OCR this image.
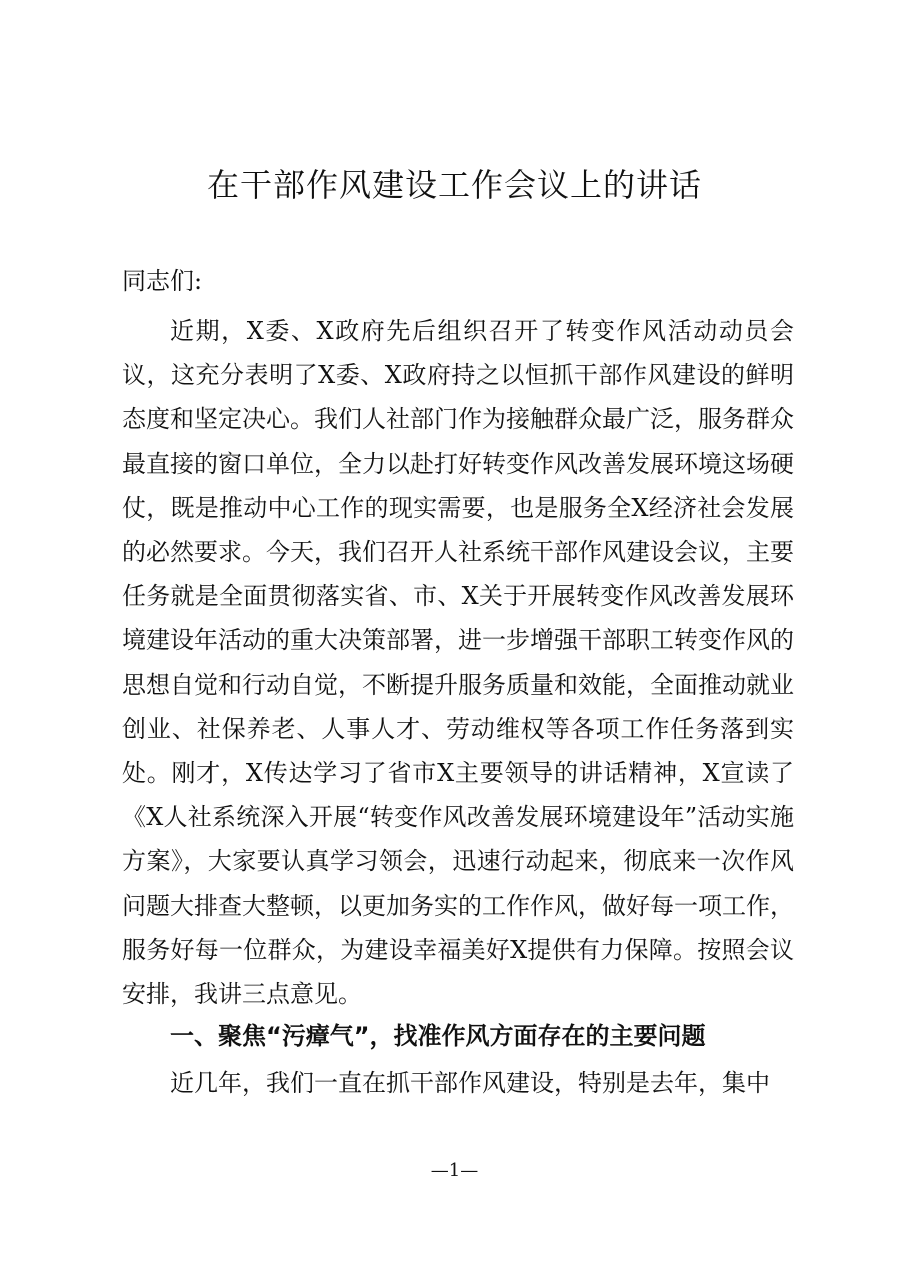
在干部作风建设工作会议上的讲话
同志们:

近期，X委、X政府先后组织召开了转变作风活动动员会议，这充分表明了X委、X政府持之以恒抓干部作风建设的鲜明态度和坚定决心。我们人社部门作为接触群众最广泛，服务群众最直接的窗口单位，全力以赴打好转变作风改善发展环境这场硬仗，既是推动中心工作的现实需要，也是服务全X经济社会发展的必然要求。今天，我们召开人社系统干部作风建设会议，主要任务就是全面贯彻落实省、市、X关于开展转变作风改善发展环境建设年活动的重大决策部署，进一步增强干部职工转变作风的思想自觉和行动自觉，不断提升服务质量和效能，全面推动就业创业、社保养老、人事人才、劳动维权等各项工作任务落到实处。刚才，X传达学习了省市X主要领导的讲话精神，X宣读了《X人社系统深入开展“转变作风改善发展环境建设年”活动实施方案》，大家要认真学习领会，迅速行动起来，彻底来一次作风问题大排查大整顿，以更加务实的工作作风，做好每一项工作，服务好每一位群众，为建设幸福美好X提供有力保障。按照会议安排，我讲三点意见。

一、聚焦“污瘴气”，找准作风方面存在的主要问题

近几年，我们一直在抓干部作风建设，特别是去年，集中

—1—
